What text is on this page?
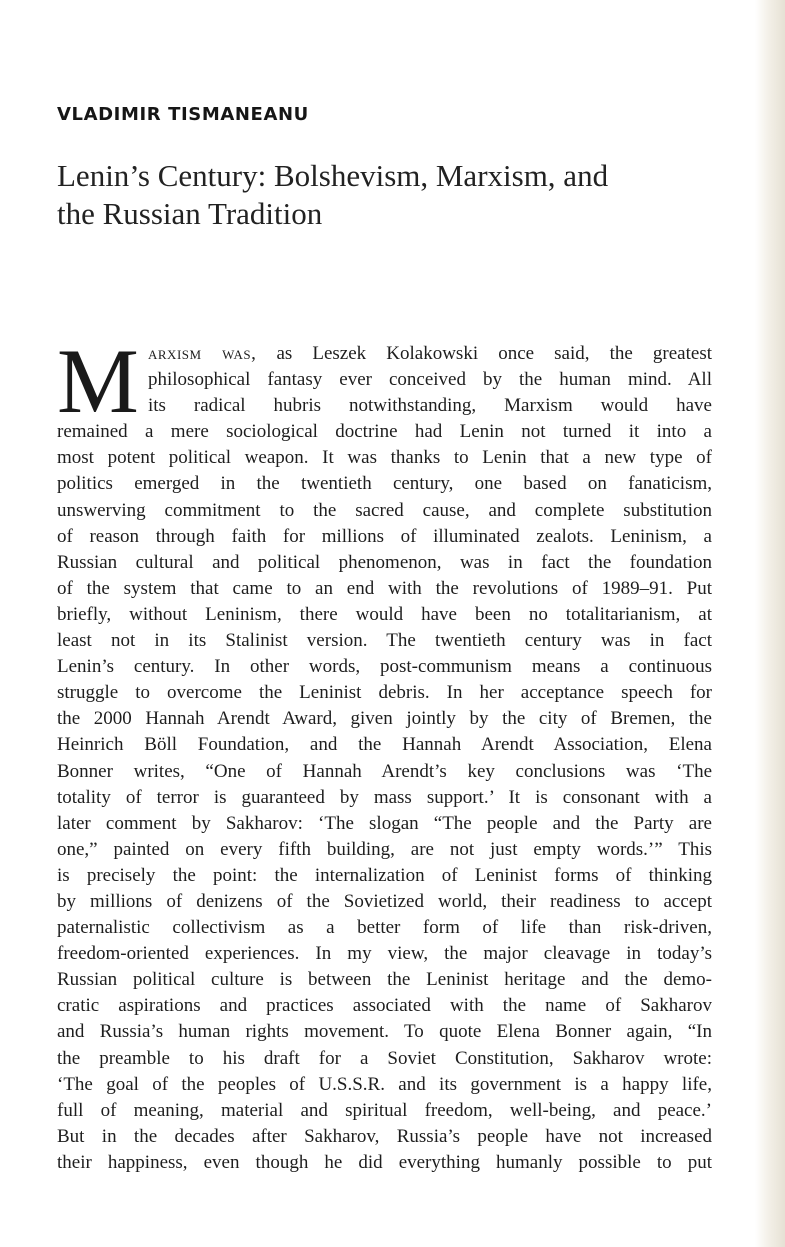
VLADIMIR TISMANEANU
Lenin’s Century: Bolshevism, Marxism, and
the Russian Tradition
M arxism was, as Leszek Kolakowski once said, the greatest
philosophical fantasy ever conceived by the human mind. All
its radical hubris notwithstanding, Marxism would have
remained a mere sociological doctrine had Lenin not turned it into a
most potent political weapon. It was thanks to Lenin that a new type of
politics emerged in the twentieth century, one based on fanaticism,
unswerving commitment to the sacred cause, and complete substitution
of reason through faith for millions of illuminated zealots. Leninism, a
Russian cultural and political phenomenon, was in fact the foundation
of the system that came to an end with the revolutions of 1989–91. Put
briefly, without Leninism, there would have been no totalitarianism, at
least not in its Stalinist version. The twentieth century was in fact
Lenin’s century. In other words, post-communism means a continuous
struggle to overcome the Leninist debris. In her acceptance speech for
the 2000 Hannah Arendt Award, given jointly by the city of Bremen, the
Heinrich Böll Foundation, and the Hannah Arendt Association, Elena
Bonner writes, “One of Hannah Arendt’s key conclusions was ‘The
totality of terror is guaranteed by mass support.’ It is consonant with a
later comment by Sakharov: ‘The slogan “The people and the Party are
one,” painted on every fifth building, are not just empty words.’” This
is precisely the point: the internalization of Leninist forms of thinking
by millions of denizens of the Sovietized world, their readiness to accept
paternalistic collectivism as a better form of life than risk-driven,
freedom-oriented experiences. In my view, the major cleavage in today’s
Russian political culture is between the Leninist heritage and the demo-
cratic aspirations and practices associated with the name of Sakharov
and Russia’s human rights movement. To quote Elena Bonner again, “In
the preamble to his draft for a Soviet Constitution, Sakharov wrote:
‘The goal of the peoples of U.S.S.R. and its government is a happy life,
full of meaning, material and spiritual freedom, well-being, and peace.’
But in the decades after Sakharov, Russia’s people have not increased
their happiness, even though he did everything humanly possible to put
